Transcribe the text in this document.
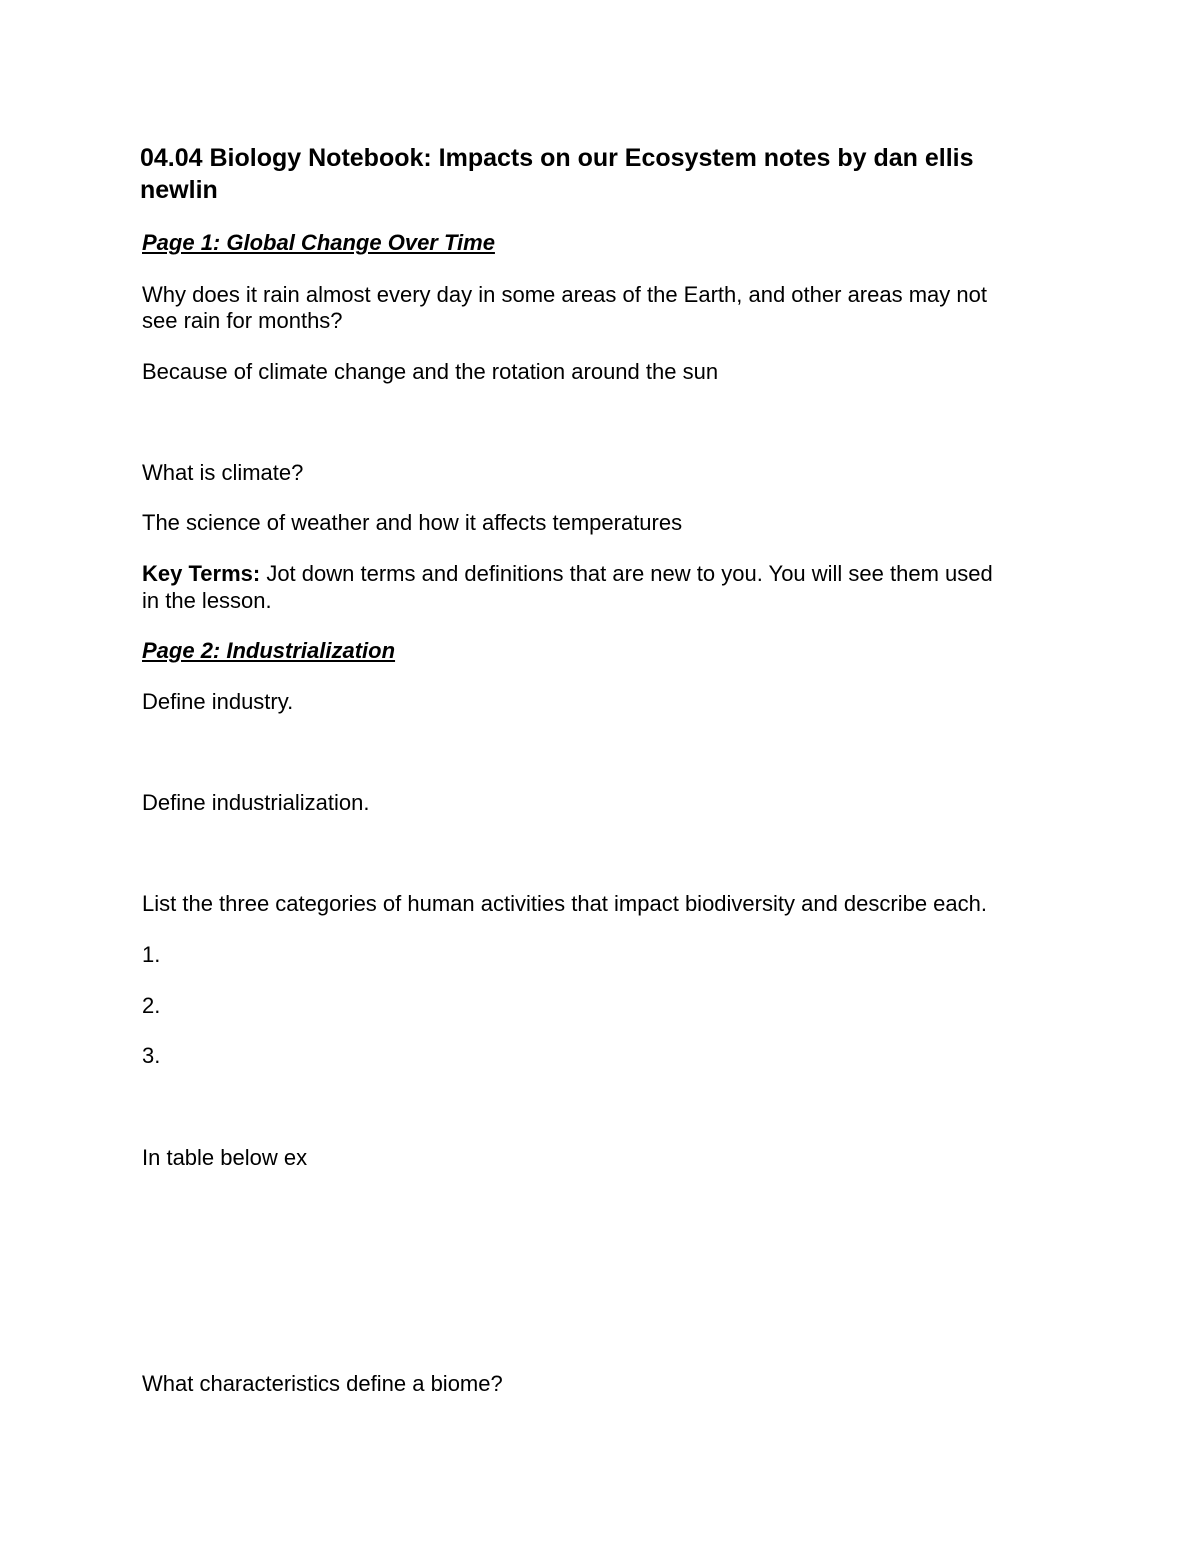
04.04 Biology Notebook: Impacts on our Ecosystem notes by dan ellis newlin
Page 1: Global Change Over Time
Why does it rain almost every day in some areas of the Earth, and other areas may not
see rain for months?
Because of climate change and the rotation around the sun
What is climate?
The science of weather and how it affects temperatures
Key Terms: Jot down terms and definitions that are new to you. You will see them used
in the lesson.
Page 2: Industrialization
Define industry.
Define industrialization.
List the three categories of human activities that impact biodiversity and describe each.
1.
2.
3.
In table below ex
What characteristics define a biome?
